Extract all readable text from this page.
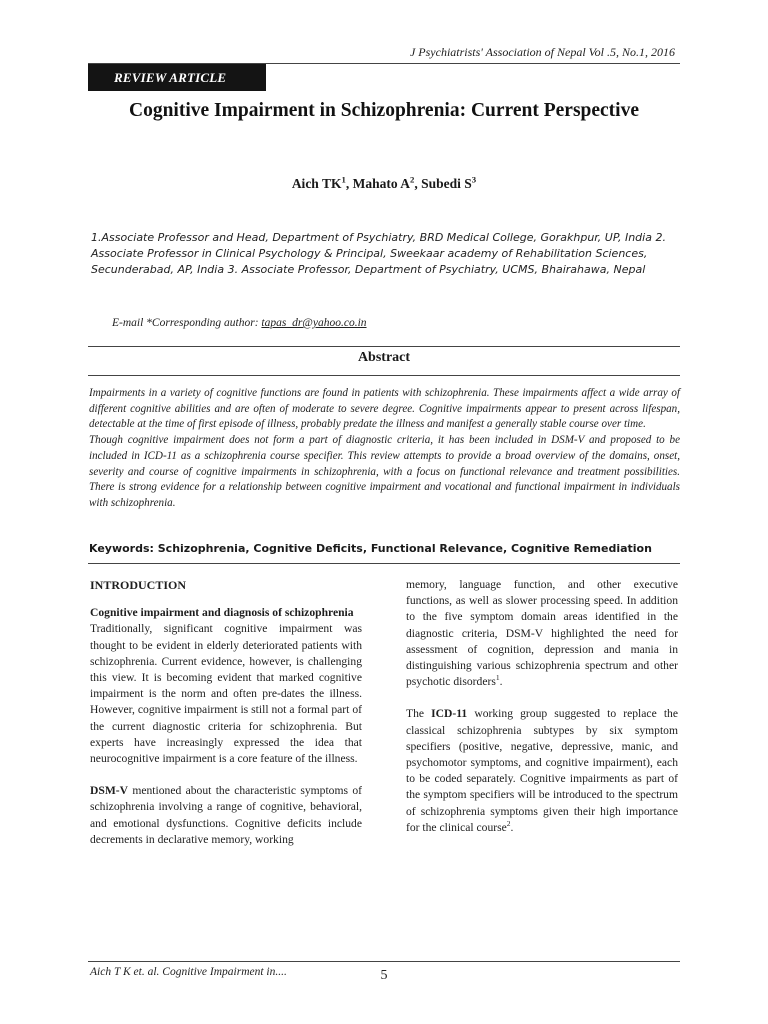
J Psychiatrists' Association of Nepal Vol .5, No.1, 2016
REVIEW ARTICLE
Cognitive Impairment in Schizophrenia: Current Perspective
Aich $TK^1$, Mahato $A^2$, Subedi $S^3$
1.Associate Professor and Head, Department of Psychiatry, BRD Medical College, Gorakhpur, UP, India 2. Associate Professor in Clinical Psychology & Principal, Sweekaar academy of Rehabilitation Sciences, Secunderabad, AP, India 3. Associate Professor, Department of Psychiatry, UCMS, Bhairahawa, Nepal
E-mail *Corresponding author: tapas_dr@yahoo.co.in
Abstract

Impairments in a variety of cognitive functions are found in patients with schizophrenia. These impairments affect a wide array of different cognitive abilities and are often of moderate to severe degree. Cognitive impairments appear to present across lifespan, detectable at the time of first episode of illness, probably predate the illness and manifest a generally stable course over time.

Though cognitive impairment does not form a part of diagnostic criteria, it has been included in DSM-V and proposed to be included in ICD-11 as a schizophrenia course specifier. This review attempts to provide a broad overview of the domains, onset, severity and course of cognitive impairments in schizophrenia, with a focus on functional relevance and treatment possibilities. There is strong evidence for a relationship between cognitive impairment and vocational and functional impairment in individuals with schizophrenia.

Keywords: Schizophrenia, Cognitive Deficits, Functional Relevance, Cognitive Remediation

INTRODUCTION

Cognitive impairment and diagnosis of schizophrenia

Traditionally, significant cognitive impairment was thought to be evident in elderly deteriorated patients with schizophrenia. Current evidence, however, is challenging this view. It is becoming evident that marked cognitive impairment is the norm and often pre-dates the illness. However, cognitive impairment is still not a formal part of the current diagnostic criteria for schizophrenia. But experts have increasingly expressed the idea that neurocognitive impairment is a core feature of the illness.

DSM-V mentioned about the characteristic symptoms of schizophrenia involving a range of cognitive, behavioral, and emotional dysfunctions. Cognitive deficits include decrements in declarative memory, working

memory, language function, and other executive functions, as well as slower processing speed. In addition to the five symptom domain areas identified in the diagnostic criteria, DSM-V highlighted the need for assessment of cognition, depression and mania in distinguishing various schizophrenia spectrum and other psychotic disorders$^1$.

The ICD-11 working group suggested to replace the classical schizophrenia subtypes by six symptom specifiers (positive, negative, depressive, manic, and psychomotor symptoms, and cognitive impairment), each to be coded separately. Cognitive impairments as part of the symptom specifiers will be introduced to the spectrum of schizophrenia symptoms given their high importance for the clinical course$^2$.

Aich T K et. al. Cognitive Impairment in....	5
